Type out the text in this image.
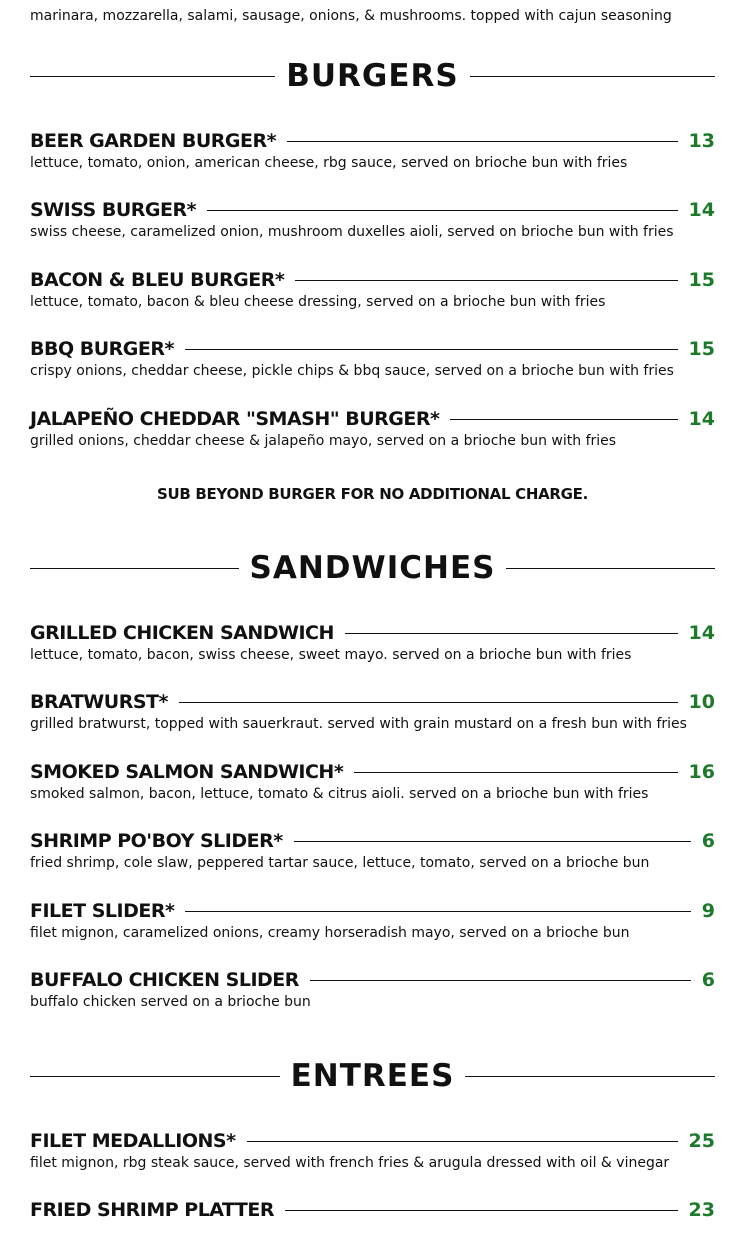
marinara, mozzarella, salami, sausage, onions, & mushrooms. topped with cajun seasoning
BURGERS
BEER GARDEN BURGER*	13
lettuce, tomato, onion, american cheese, rbg sauce, served on brioche bun with fries
SWISS BURGER*	14
swiss cheese, caramelized onion, mushroom duxelles aioli, served on brioche bun with fries
BACON & BLEU BURGER*	15
lettuce, tomato, bacon & bleu cheese dressing, served on a brioche bun with fries
BBQ BURGER*	15
crispy onions, cheddar cheese, pickle chips & bbq sauce, served on a brioche bun with fries
JALAPEÑO CHEDDAR "SMASH" BURGER*	14
grilled onions, cheddar cheese & jalapeño mayo, served on a brioche bun with fries
SUB BEYOND BURGER FOR NO ADDITIONAL CHARGE.
SANDWICHES
GRILLED CHICKEN SANDWICH	14
lettuce, tomato, bacon, swiss cheese, sweet mayo. served on a brioche bun with fries
BRATWURST*	10
grilled bratwurst, topped with sauerkraut. served with grain mustard on a fresh bun with fries
SMOKED SALMON SANDWICH*	16
smoked salmon, bacon, lettuce, tomato & citrus aioli. served on a brioche bun with fries
SHRIMP PO'BOY SLIDER*	6
fried shrimp, cole slaw, peppered tartar sauce, lettuce, tomato, served on a brioche bun
FILET SLIDER*	9
filet mignon, caramelized onions, creamy horseradish mayo, served on a brioche bun
BUFFALO CHICKEN SLIDER	6
buffalo chicken served on a brioche bun
ENTREES
FILET MEDALLIONS*	25
filet mignon, rbg steak sauce, served with french fries & arugula dressed with oil & vinegar
FRIED SHRIMP PLATTER	23
